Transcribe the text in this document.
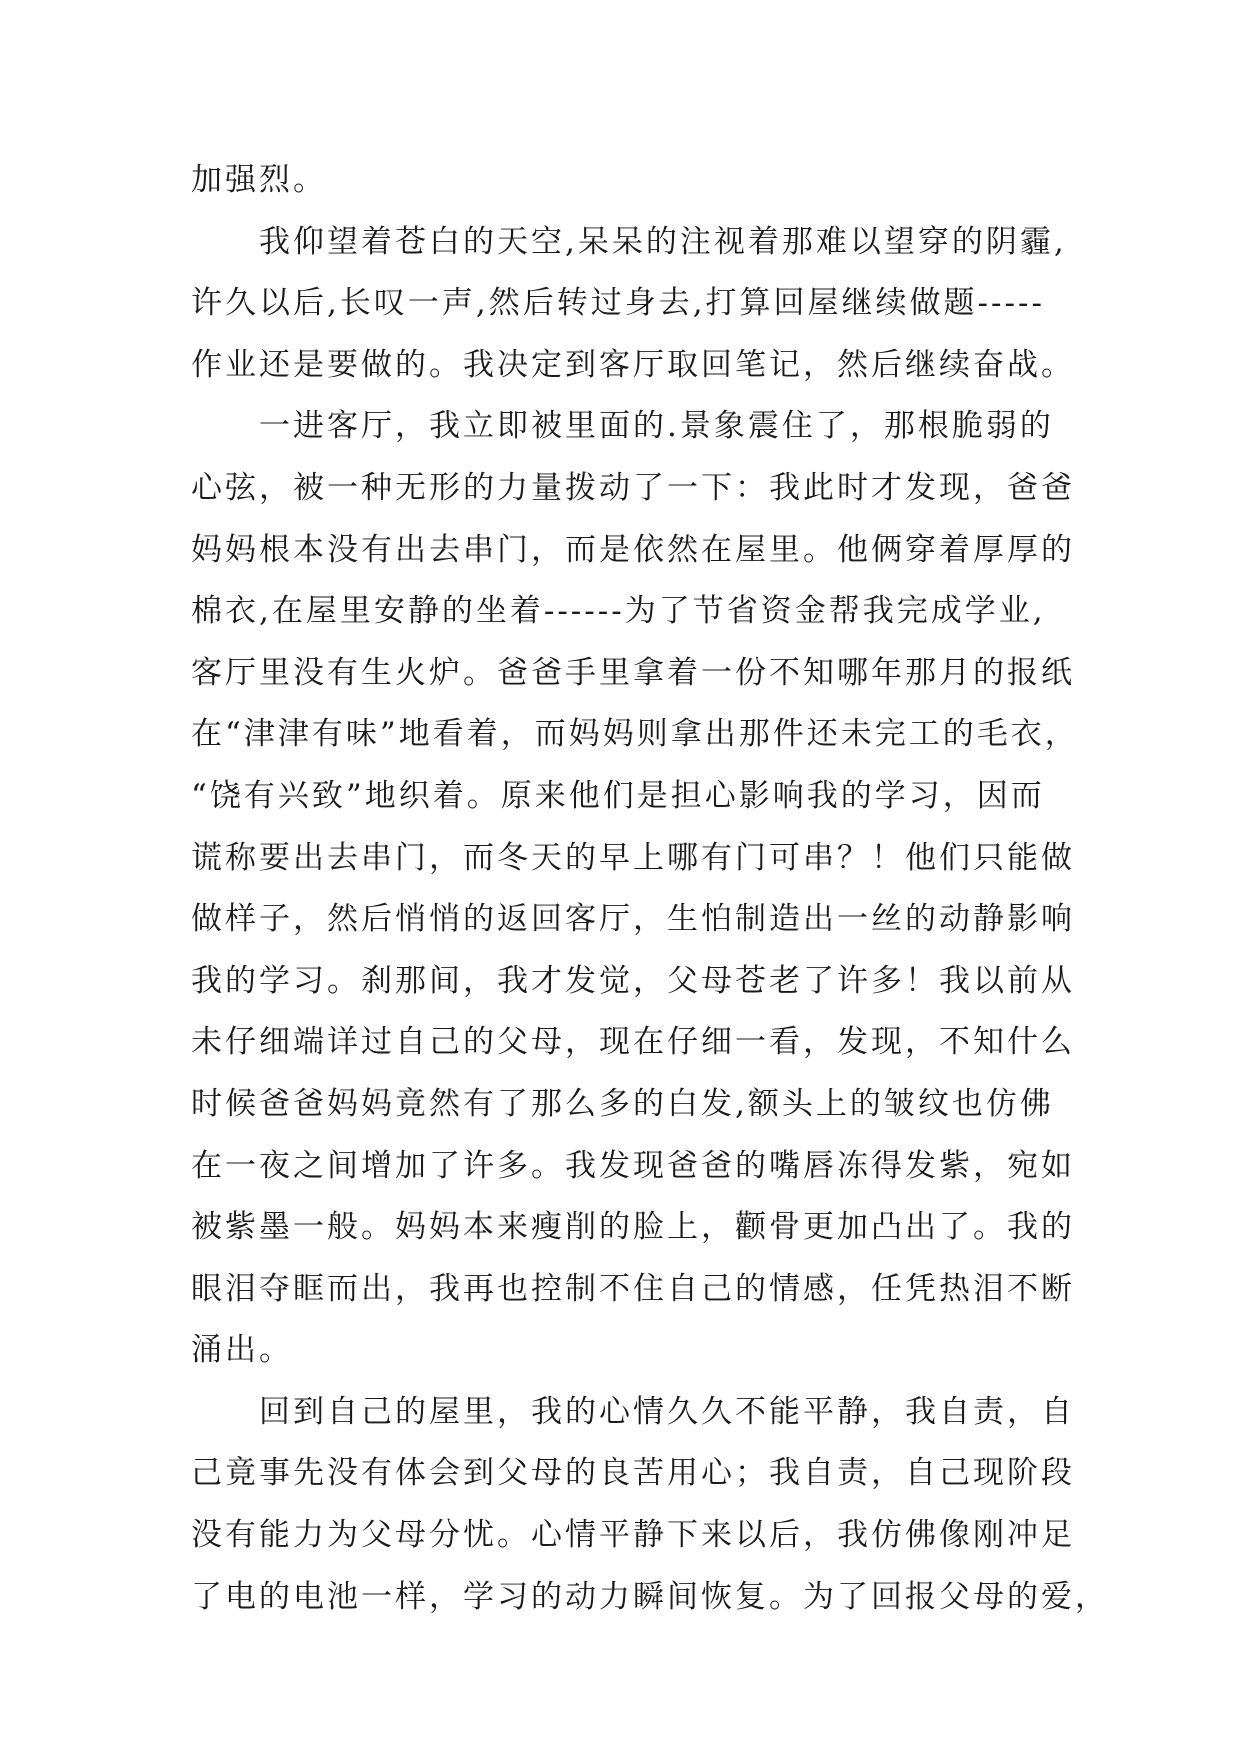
加强烈。
我仰望着苍白的天空,呆呆的注视着那难以望穿的阴霾,
许久以后,长叹一声,然后转过身去,打算回屋继续做题-----
作业还是要做的。我决定到客厅取回笔记，然后继续奋战。
一进客厅，我立即被里面的.景象震住了，那根脆弱的
心弦，被一种无形的力量拨动了一下：我此时才发现，爸爸
妈妈根本没有出去串门，而是依然在屋里。他俩穿着厚厚的
棉衣,在屋里安静的坐着------为了节省资金帮我完成学业,
客厅里没有生火炉。爸爸手里拿着一份不知哪年那月的报纸
在“津津有味”地看着，而妈妈则拿出那件还未完工的毛衣，
“饶有兴致”地织着。原来他们是担心影响我的学习，因而
谎称要出去串门，而冬天的早上哪有门可串？！他们只能做
做样子，然后悄悄的返回客厅，生怕制造出一丝的动静影响
我的学习。刹那间，我才发觉，父母苍老了许多！我以前从
未仔细端详过自己的父母，现在仔细一看，发现，不知什么
时候爸爸妈妈竟然有了那么多的白发,额头上的皱纹也仿佛
在一夜之间增加了许多。我发现爸爸的嘴唇冻得发紫，宛如
被紫墨一般。妈妈本来瘦削的脸上，颧骨更加凸出了。我的
眼泪夺眶而出，我再也控制不住自己的情感，任凭热泪不断
涌出。
回到自己的屋里，我的心情久久不能平静，我自责，自
己竟事先没有体会到父母的良苦用心；我自责，自己现阶段
没有能力为父母分忧。心情平静下来以后，我仿佛像刚冲足
了电的电池一样，学习的动力瞬间恢复。为了回报父母的爱，
